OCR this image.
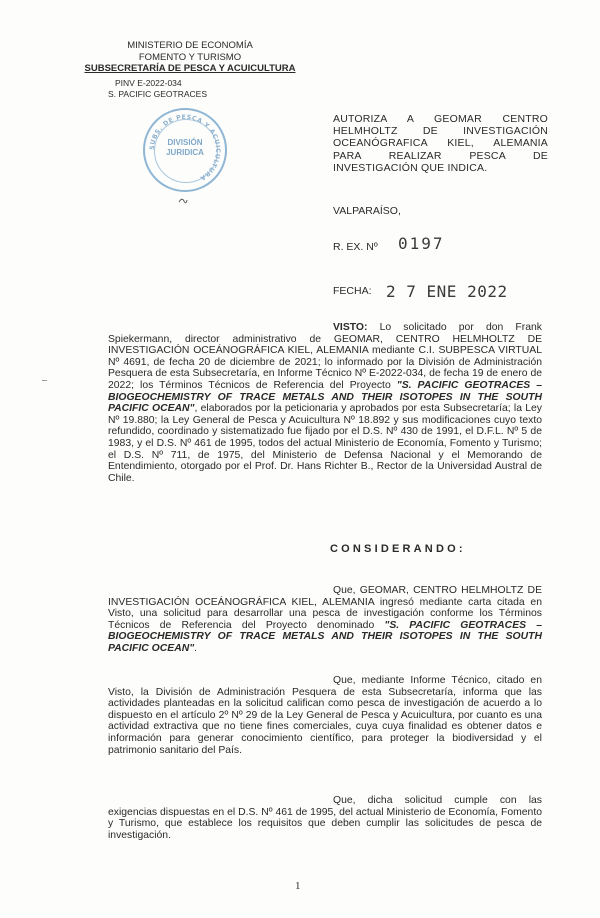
MINISTERIO DE ECONOMÍA
FOMENTO Y TURISMO
SUBSECRETARÍA DE PESCA Y ACUICULTURA
PINV E-2022-034
S. PACIFIC GEOTRACES
SUBS. DE PESCA Y ACUICULTURA
DIVISIÓN
JURIDICA
AUTORIZA A GEOMAR CENTRO
HELMHOLTZ DE INVESTIGACIÓN
OCEANÓGRAFICA KIEL, ALEMANIA
PARA REALIZAR PESCA DE
INVESTIGACIÓN QUE INDICA.
VALPARAÍSO,
R. EX. Nº 0197
FECHA: 2 7 ENE 2022
VISTO: Lo solicitado por don Frank Spiekermann, director administrativo de GEOMAR, CENTRO HELMHOLTZ DE INVESTIGACIÓN OCEÁNOGRÁFICA KIEL, ALEMANIA mediante C.I. SUBPESCA VIRTUAL Nº 4691, de fecha 20 de diciembre de 2021; lo informado por la División de Administración Pesquera de esta Subsecretaría, en Informe Técnico Nº E-2022-034, de fecha 19 de enero de 2022; los Términos Técnicos de Referencia del Proyecto "S. PACIFIC GEOTRACES – BIOGEOCHEMISTRY OF TRACE METALS AND THEIR ISOTOPES IN THE SOUTH PACIFIC OCEAN", elaborados por la peticionaria y aprobados por esta Subsecretaría; la Ley Nº 19.880; la Ley General de Pesca y Acuicultura Nº 18.892 y sus modificaciones cuyo texto refundido, coordinado y sistematizado fue fijado por el D.S. Nº 430 de 1991, el D.F.L. Nº 5 de 1983, y el D.S. Nº 461 de 1995, todos del actual Ministerio de Economía, Fomento y Turismo; el D.S. Nº 711, de 1975, del Ministerio de Defensa Nacional y el Memorando de Entendimiento, otorgado por el Prof. Dr. Hans Richter B., Rector de la Universidad Austral de Chile.
CONSIDERANDO:
Que, GEOMAR, CENTRO HELMHOLTZ DE INVESTIGACIÓN OCEÁNOGRÁFICA KIEL, ALEMANIA ingresó mediante carta citada en Visto, una solicitud para desarrollar una pesca de investigación conforme los Términos Técnicos de Referencia del Proyecto denominado "S. PACIFIC GEOTRACES – BIOGEOCHEMISTRY OF TRACE METALS AND THEIR ISOTOPES IN THE SOUTH PACIFIC OCEAN".
Que, mediante Informe Técnico, citado en Visto, la División de Administración Pesquera de esta Subsecretaría, informa que las actividades planteadas en la solicitud califican como pesca de investigación de acuerdo a lo dispuesto en el artículo 2º Nº 29 de la Ley General de Pesca y Acuicultura, por cuanto es una actividad extractiva que no tiene fines comerciales, cuya cuya finalidad es obtener datos e información para generar conocimiento científico, para proteger la biodiversidad y el patrimonio sanitario del País.
Que, dicha solicitud cumple con las exigencias dispuestas en el D.S. Nº 461 de 1995, del actual Ministerio de Economía, Fomento y Turismo, que establece los requisitos que deben cumplir las solicitudes de pesca de investigación.
1
